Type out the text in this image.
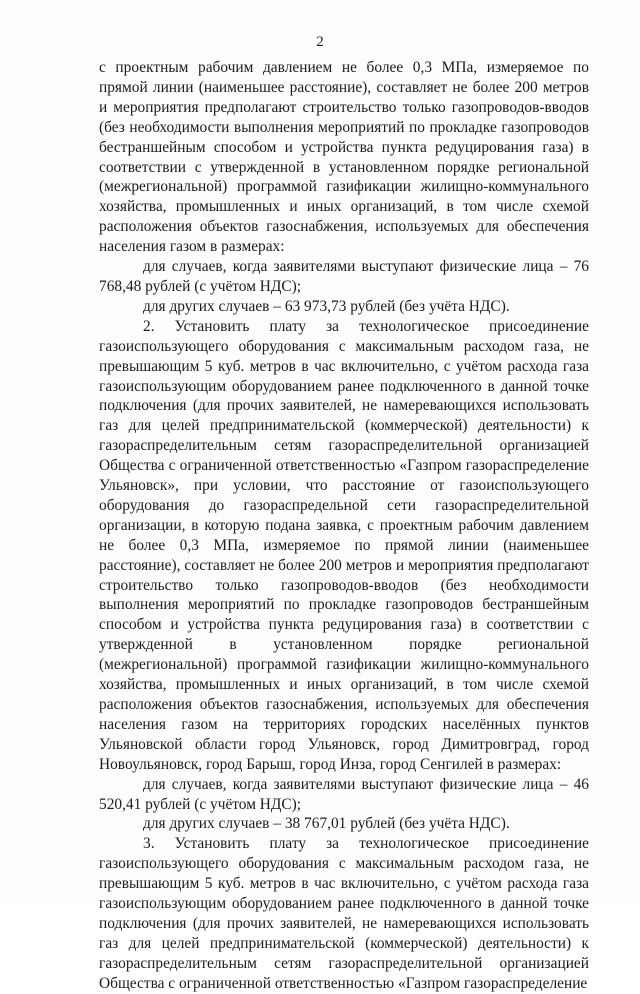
2

с проектным рабочим давлением не более 0,3 МПа, измеряемое по прямой линии (наименьшее расстояние), составляет не более 200 метров и мероприятия предполагают строительство только газопроводов-вводов (без необходимости выполнения мероприятий по прокладке газопроводов бестраншейным способом и устройства пункта редуцирования газа) в соответствии с утвержденной в установленном порядке региональной (межрегиональной) программой газификации жилищно-коммунального хозяйства, промышленных и иных организаций, в том числе схемой расположения объектов газоснабжения, используемых для обеспечения населения газом в размерах:

для случаев, когда заявителями выступают физические лица – 76 768,48 рублей (с учётом НДС);

для других случаев – 63 973,73 рублей (без учёта НДС).

2. Установить плату за технологическое присоединение газоиспользующего оборудования с максимальным расходом газа, не превышающим 5 куб. метров в час включительно, с учётом расхода газа газоиспользующим оборудованием ранее подключенного в данной точке подключения (для прочих заявителей, не намеревающихся использовать газ для целей предпринимательской (коммерческой) деятельности) к газораспределительным сетям газораспределительной организацией Общества с ограниченной ответственностью «Газпром газораспределение Ульяновск», при условии, что расстояние от газоиспользующего оборудования до газораспредельной сети газораспределительной организации, в которую подана заявка, с проектным рабочим давлением не более 0,3 МПа, измеряемое по прямой линии (наименьшее расстояние), составляет не более 200 метров и мероприятия предполагают строительство только газопроводов-вводов (без необходимости выполнения мероприятий по прокладке газопроводов бестраншейным способом и устройства пункта редуцирования газа) в соответствии с утвержденной в установленном порядке региональной (межрегиональной) программой газификации жилищно-коммунального хозяйства, промышленных и иных организаций, в том числе схемой расположения объектов газоснабжения, используемых для обеспечения населения газом на территориях городских населённых пунктов Ульяновской области город Ульяновск, город Димитровград, город Новоульяновск, город Барыш, город Инза, город Сенгилей в размерах:

для случаев, когда заявителями выступают физические лица – 46 520,41 рублей (с учётом НДС);

для других случаев – 38 767,01 рублей (без учёта НДС).

3. Установить плату за технологическое присоединение газоиспользующего оборудования с максимальным расходом газа, не превышающим 5 куб. метров в час включительно, с учётом расхода газа газоиспользующим оборудованием ранее подключенного в данной точке подключения (для прочих заявителей, не намеревающихся использовать газ для целей предпринимательской (коммерческой) деятельности) к газораспределительным сетям газораспределительной организацией Общества с ограниченной ответственностью «Газпром газораспределение
